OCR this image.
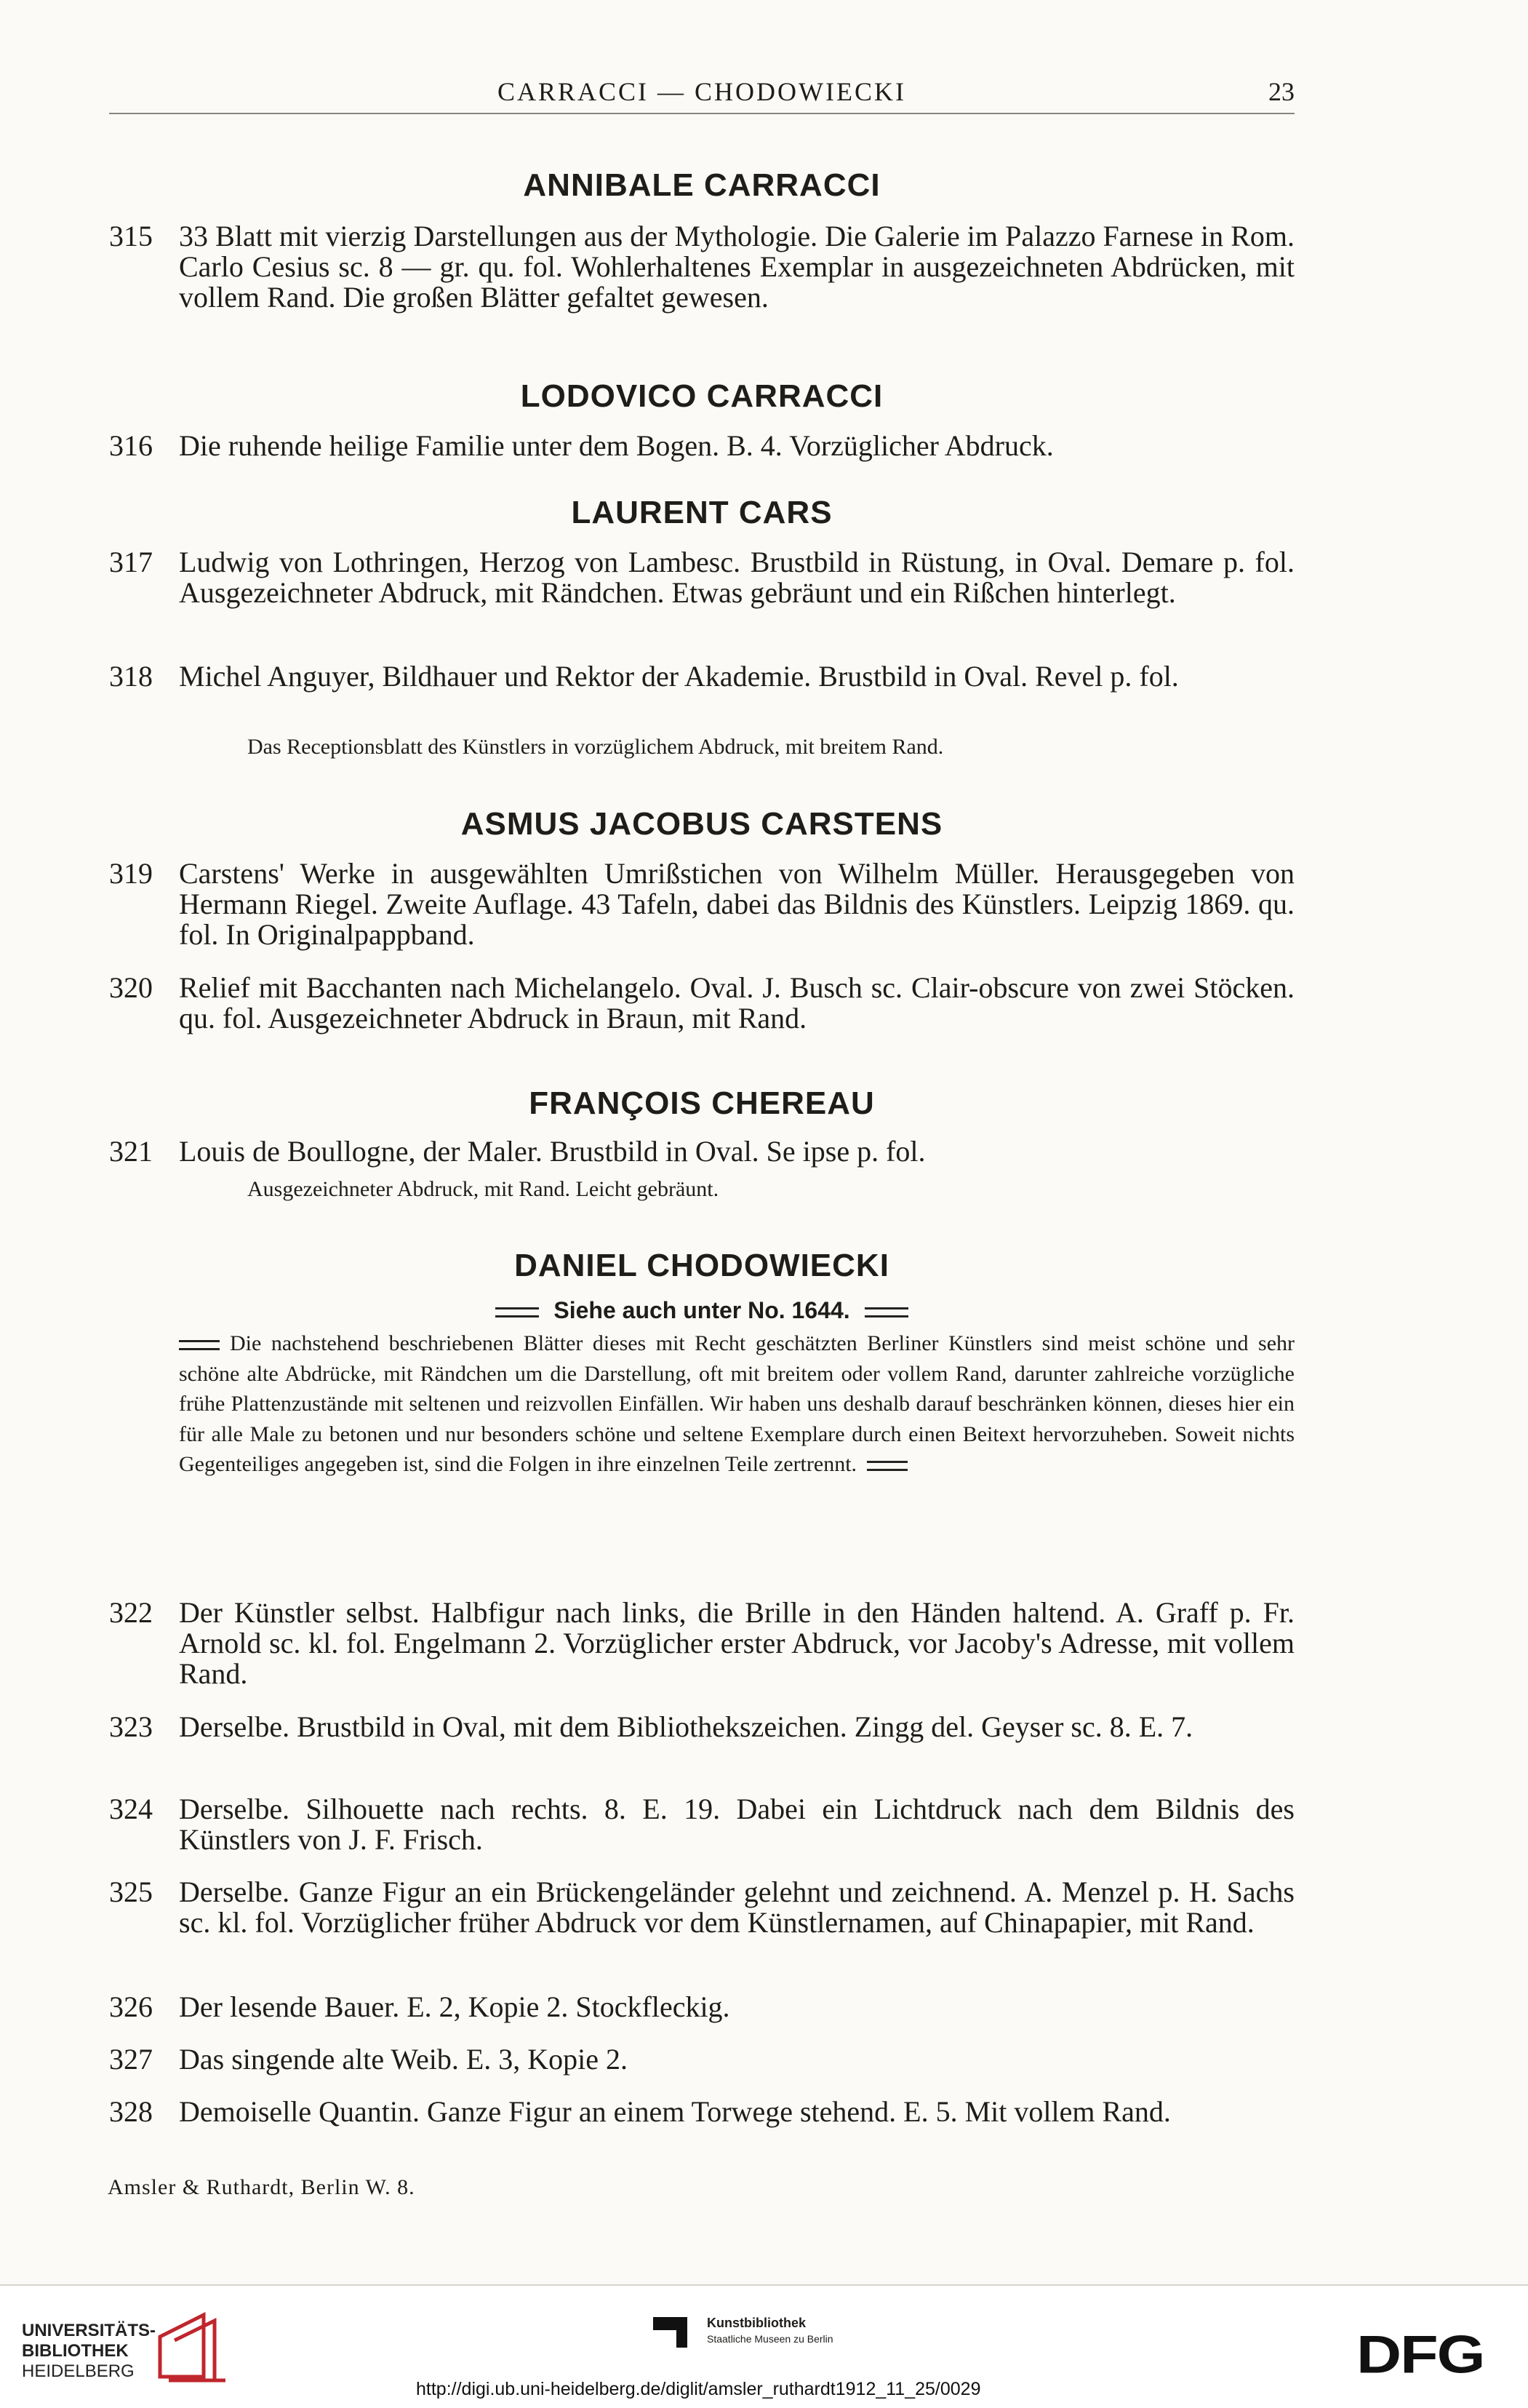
CARRACCI — CHODOWIECKI	23
ANNIBALE CARRACCI
315 33 Blatt mit vierzig Darstellungen aus der Mythologie. Die Galerie im Palazzo Farnese in Rom. Carlo Cesius sc. 8 — gr. qu. fol. Wohlerhaltenes Exemplar in ausgezeichneten Abdrücken, mit vollem Rand. Die großen Blätter gefaltet gewesen.
LODOVICO CARRACCI
316 Die ruhende heilige Familie unter dem Bogen. B. 4. Vorzüglicher Abdruck.
LAURENT CARS
317 Ludwig von Lothringen, Herzog von Lambesc. Brustbild in Rüstung, in Oval. Demare p. fol. Ausgezeichneter Abdruck, mit Rändchen. Etwas gebräunt und ein Rißchen hinterlegt.
318 Michel Anguyer, Bildhauer und Rektor der Akademie. Brustbild in Oval. Revel p. fol.
Das Receptionsblatt des Künstlers in vorzüglichem Abdruck, mit breitem Rand.
ASMUS JACOBUS CARSTENS
319 Carstens' Werke in ausgewählten Umrißstichen von Wilhelm Müller. Herausgegeben von Hermann Riegel. Zweite Auflage. 43 Tafeln, dabei das Bildnis des Künstlers. Leipzig 1869. qu. fol. In Originalpappband.
320 Relief mit Bacchanten nach Michelangelo. Oval. J. Busch sc. Clair-obscure von zwei Stöcken. qu. fol. Ausgezeichneter Abdruck in Braun, mit Rand.
FRANÇOIS CHEREAU
321 Louis de Boullogne, der Maler. Brustbild in Oval. Se ipse p. fol.
Ausgezeichneter Abdruck, mit Rand. Leicht gebräunt.
DANIEL CHODOWIECKI
Siehe auch unter No. 1644.
Die nachstehend beschriebenen Blätter dieses mit Recht geschätzten Berliner Künstlers sind meist schöne und sehr schöne alte Abdrücke, mit Rändchen um die Darstellung, oft mit breitem oder vollem Rand, darunter zahlreiche vorzügliche frühe Plattenzustände mit seltenen und reizvollen Einfällen. Wir haben uns deshalb darauf beschränken können, dieses hier ein für alle Male zu betonen und nur besonders schöne und seltene Exemplare durch einen Beitext hervorzuheben. Soweit nichts Gegenteiliges angegeben ist, sind die Folgen in ihre einzelnen Teile zertrennt.
322 Der Künstler selbst. Halbfigur nach links, die Brille in den Händen haltend. A. Graff p. Fr. Arnold sc. kl. fol. Engelmann 2. Vorzüglicher erster Abdruck, vor Jacoby's Adresse, mit vollem Rand.
323 Derselbe. Brustbild in Oval, mit dem Bibliothekszeichen. Zingg del. Geyser sc. 8. E. 7.
324 Derselbe. Silhouette nach rechts. 8. E. 19. Dabei ein Lichtdruck nach dem Bildnis des Künstlers von J. F. Frisch.
325 Derselbe. Ganze Figur an ein Brückengeländer gelehnt und zeichnend. A. Menzel p. H. Sachs sc. kl. fol. Vorzüglicher früher Abdruck vor dem Künstlernamen, auf Chinapapier, mit Rand.
326 Der lesende Bauer. E. 2, Kopie 2. Stockfleckig.
327 Das singende alte Weib. E. 3, Kopie 2.
328 Demoiselle Quantin. Ganze Figur an einem Torwege stehend. E. 5. Mit vollem Rand.
Amsler & Ruthardt, Berlin W. 8.
UNIVERSITÄTS-
BIBLIOTHEK
HEIDELBERG
Kunstbibliothek
Staatliche Museen zu Berlin	DFG
http://digi.ub.uni-heidelberg.de/diglit/amsler_ruthardt1912_11_25/0029
